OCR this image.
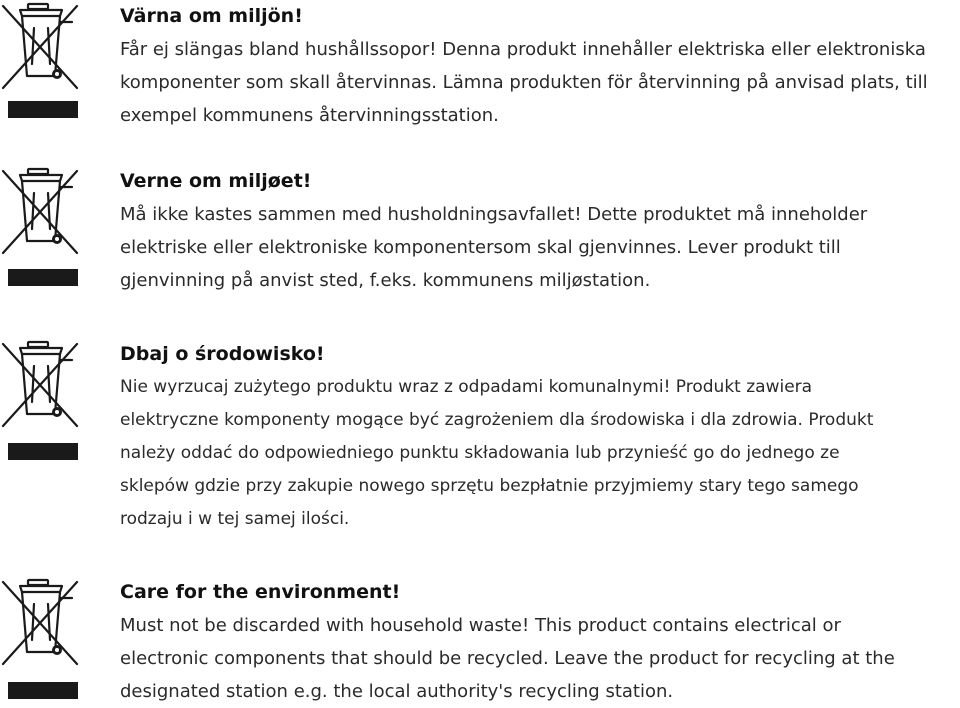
Värna om miljön!
Får ej slängas bland hushållssopor! Denna produkt innehåller elektriska eller elektroniska
komponenter som skall återvinnas. Lämna produkten för återvinning på anvisad plats, till
exempel kommunens återvinningsstation.
Verne om miljøet!
Må ikke kastes sammen med husholdningsavfallet! Dette produktet må inneholder
elektriske eller elektroniske komponentersom skal gjenvinnes. Lever produkt till
gjenvinning på anvist sted, f.eks. kommunens miljøstation.
Dbaj o środowisko!
Nie wyrzucaj zużytego produktu wraz z odpadami komunalnymi! Produkt zawiera
elektryczne komponenty mogące być zagrożeniem dla środowiska i dla zdrowia. Produkt
należy oddać do odpowiedniego punktu składowania lub przynieść go do jednego ze
sklepów gdzie przy zakupie nowego sprzętu bezpłatnie przyjmiemy stary tego samego
rodzaju i w tej samej ilości.
Care for the environment!
Must not be discarded with household waste! This product contains electrical or
electronic components that should be recycled. Leave the product for recycling at the
designated station e.g. the local authority's recycling station.
